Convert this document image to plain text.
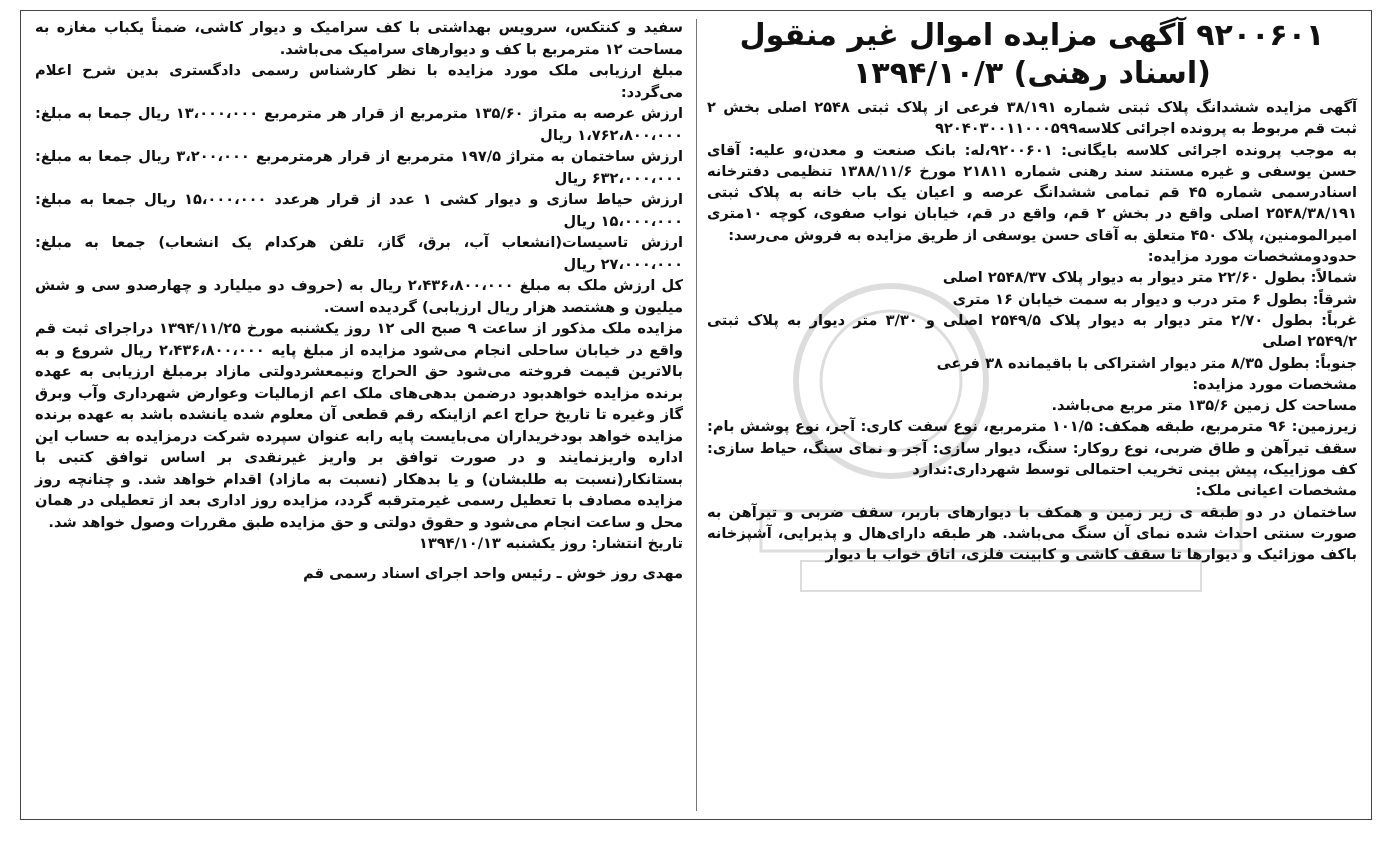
۹۲۰۰۶۰۱ آگهی مزایده اموال غیر منقول
(اسناد رهنی) ۱۳۹۴/۱۰/۳

آگهی مزایده ششدانگ پلاک ثبتی شماره ۳۸/۱۹۱ فرعی از پلاک ثبتی ۲۵۴۸ اصلی بخش ۲ ثبت قم مربوط به پرونده اجرائی کلاسه۹۲۰۴۰۳۰۰۱۱۰۰۰۵۹۹

به موجب پرونده اجرائی کلاسه بایگانی: ۹۲۰۰۶۰۱،له: بانک صنعت و معدن،و علیه: آقای حسن یوسفی و غیره مستند سند رهنی شماره ۲۱۸۱۱ مورخ ۱۳۸۸/۱۱/۶ تنظیمی دفترخانه اسنادرسمی شماره ۴۵ قم تمامی ششدانگ عرصه و اعیان یک باب خانه به پلاک ثبتی ۲۵۴۸/۳۸/۱۹۱ اصلی واقع در بخش ۲ قم، واقع در قم، خیابان نواب صفوی، کوچه ۱۰متری امیرالمومنین، پلاک ۴۵۰ متعلق به آقای حسن یوسفی از طریق مزایده به فروش می‌رسد:

حدودومشخصات مورد مزایده:

شمالاً: بطول ۲۲/۶۰ متر دیوار به دیوار پلاک ۲۵۴۸/۳۷ اصلی

شرقاً: بطول ۶ متر درب و دیوار به سمت خیابان ۱۶ متری

غرباً: بطول ۲/۷۰ متر دیوار به دیوار پلاک ۲۵۴۹/۵ اصلی و ۳/۳۰ متر دیوار به پلاک ثبتی ۲۵۴۹/۲ اصلی

جنوباً: بطول ۸/۳۵ متر دیوار اشتراکی با باقیمانده ۳۸ فرعی

مشخصات مورد مزایده:

مساحت کل زمین ۱۳۵/۶ متر مربع می‌باشد.

زیرزمین: ۹۶ مترمربع، طبقه همکف: ۱۰۱/۵ مترمربع، نوع سفت کاری: آجر، نوع پوشش بام: سقف تیرآهن و طاق ضربی، نوع روکار: سنگ، دیوار سازی: آجر و نمای سنگ، حیاط سازی: کف موزاییک، پیش بینی تخریب احتمالی توسط شهرداری:ندارد

مشخصات اعیانی ملک:

ساختمان در دو طبقه ی زیر زمین و همکف با دیوارهای باربر، سقف ضربی و تیرآهن به صورت سنتی احداث شده نمای آن سنگ می‌باشد. هر طبقه دارای‌هال و پذیرایی، آشپزخانه باکف موزائیک و دیوارها تا سقف کاشی و کابینت فلزی، اتاق خواب با دیوار

سفید و کنتکس، سرویس بهداشتی با کف سرامیک و دیوار کاشی، ضمناً یکباب مغازه به مساحت ۱۲ مترمربع با کف و دیوارهای سرامیک می‌باشد.

مبلغ ارزیابی ملک مورد مزایده با نظر کارشناس رسمی دادگستری بدین شرح اعلام می‌گردد:

ارزش عرصه به متراژ ۱۳۵/۶۰ مترمربع از قرار هر مترمربع ۱۳،۰۰۰،۰۰۰ ریال جمعا به مبلغ: ۱،۷۶۲،۸۰۰،۰۰۰ ریال

ارزش ساختمان به متراژ ۱۹۷/۵ مترمربع از قرار هرمترمربع ۳،۲۰۰،۰۰۰ ریال جمعا به مبلغ: ۶۳۲،۰۰۰،۰۰۰ ریال

ارزش حیاط سازی و دیوار کشی ۱ عدد از قرار هرعدد ۱۵،۰۰۰،۰۰۰ ریال جمعا به مبلغ: ۱۵،۰۰۰،۰۰۰ ریال

ارزش تاسیسات(انشعاب آب، برق، گاز، تلفن هرکدام یک انشعاب) جمعا به مبلغ: ۲۷،۰۰۰،۰۰۰ ریال

کل ارزش ملک به مبلغ ۲،۴۳۶،۸۰۰،۰۰۰ ریال به (حروف دو میلیارد و چهارصدو سی و شش میلیون و هشتصد هزار ریال ارزیابی) گردیده است.

مزایده ملک مذکور از ساعت ۹ صبح الی ۱۲ روز یکشنبه مورخ ۱۳۹۴/۱۱/۲۵ دراجرای ثبت قم واقع در خیابان ساحلی انجام می‌شود مزایده از مبلغ پایه ۲،۴۳۶،۸۰۰،۰۰۰ ریال شروع و به بالاترین قیمت فروخته می‌شود حق الحراج ونیمعشردولتی مازاد برمبلغ ارزیابی به عهده برنده مزایده خواهدبود درضمن بدهی‌های ملک اعم ازمالیات وعوارض شهرداری وآب وبرق گاز وغیره تا تاریخ حراج اعم ازاینکه رقم قطعی آن معلوم شده یانشده باشد به عهده برنده مزایده خواهد بودخریداران می‌بایست پایه رابه عنوان سپرده شرکت درمزایده به حساب این اداره واریزنمایند و در صورت توافق بر واریز غیرنقدی بر اساس توافق کتبی با بستانکار(نسبت به طلبشان) و یا بدهکار (نسبت به مازاد) اقدام خواهد شد. و چنانچه روز مزایده مصادف با تعطیل رسمی غیرمترقبه گردد، مزایده روز اداری بعد از تعطیلی در همان محل و ساعت انجام می‌شود و حقوق دولتی و حق مزایده طبق مقررات وصول خواهد شد.

تاریخ انتشار: روز یکشنبه ۱۳۹۴/۱۰/۱۳

مهدی روز خوش ـ رئیس واحد اجرای اسناد رسمی قم
